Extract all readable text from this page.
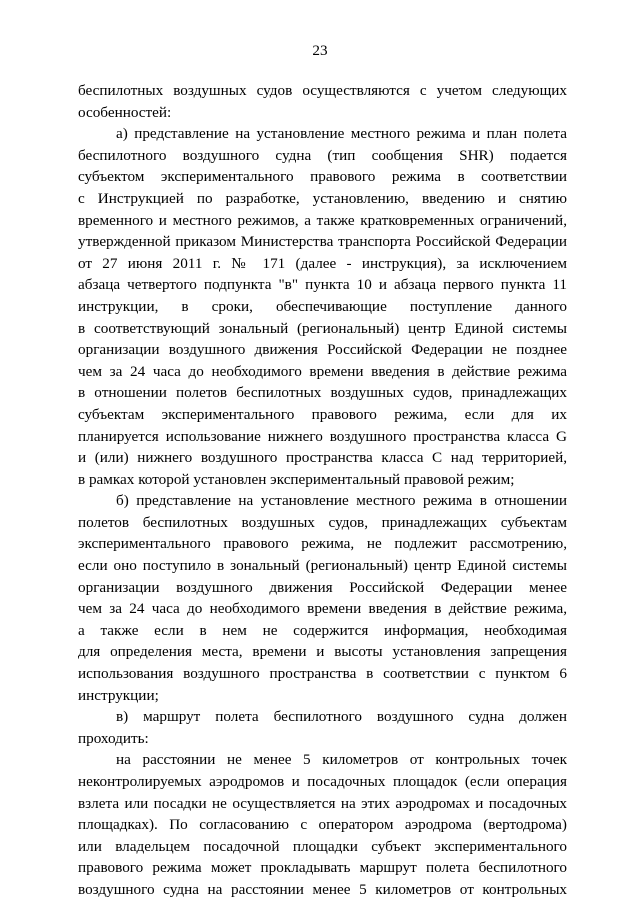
23
беспилотных воздушных судов осуществляются с учетом следующих
особенностей:
а) представление на установление местного режима и план полета
беспилотного воздушного судна (тип сообщения SHR) подается
субъектом экспериментального правового режима в соответствии
с Инструкцией по разработке, установлению, введению и снятию
временного и местного режимов, а также кратковременных ограничений,
утвержденной приказом Министерства транспорта Российской Федерации
от 27 июня 2011 г. № 171 (далее - инструкция), за исключением
абзаца четвертого подпункта "в" пункта 10 и абзаца первого пункта 11
инструкции, в сроки, обеспечивающие поступление данного
в соответствующий зональный (региональный) центр Единой системы
организации воздушного движения Российской Федерации не позднее
чем за 24 часа до необходимого времени введения в действие режима
в отношении полетов беспилотных воздушных судов, принадлежащих
субъектам экспериментального правового режима, если для их
планируется использование нижнего воздушного пространства класса G
и (или) нижнего воздушного пространства класса C над территорией,
в рамках которой установлен экспериментальный правовой режим;
б) представление на установление местного режима в отношении
полетов беспилотных воздушных судов, принадлежащих субъектам
экспериментального правового режима, не подлежит рассмотрению,
если оно поступило в зональный (региональный) центр Единой системы
организации воздушного движения Российской Федерации менее
чем за 24 часа до необходимого времени введения в действие режима,
а также если в нем не содержится информация, необходимая
для определения места, времени и высоты установления запрещения
использования воздушного пространства в соответствии с пунктом 6
инструкции;
в) маршрут полета беспилотного воздушного судна должен
проходить:
на расстоянии не менее 5 километров от контрольных точек
неконтролируемых аэродромов и посадочных площадок (если операция
взлета или посадки не осуществляется на этих аэродромах и посадочных
площадках). По согласованию с оператором аэродрома (вертодрома)
или владельцем посадочной площадки субъект экспериментального
правового режима может прокладывать маршрут полета беспилотного
воздушного судна на расстоянии менее 5 километров от контрольных
